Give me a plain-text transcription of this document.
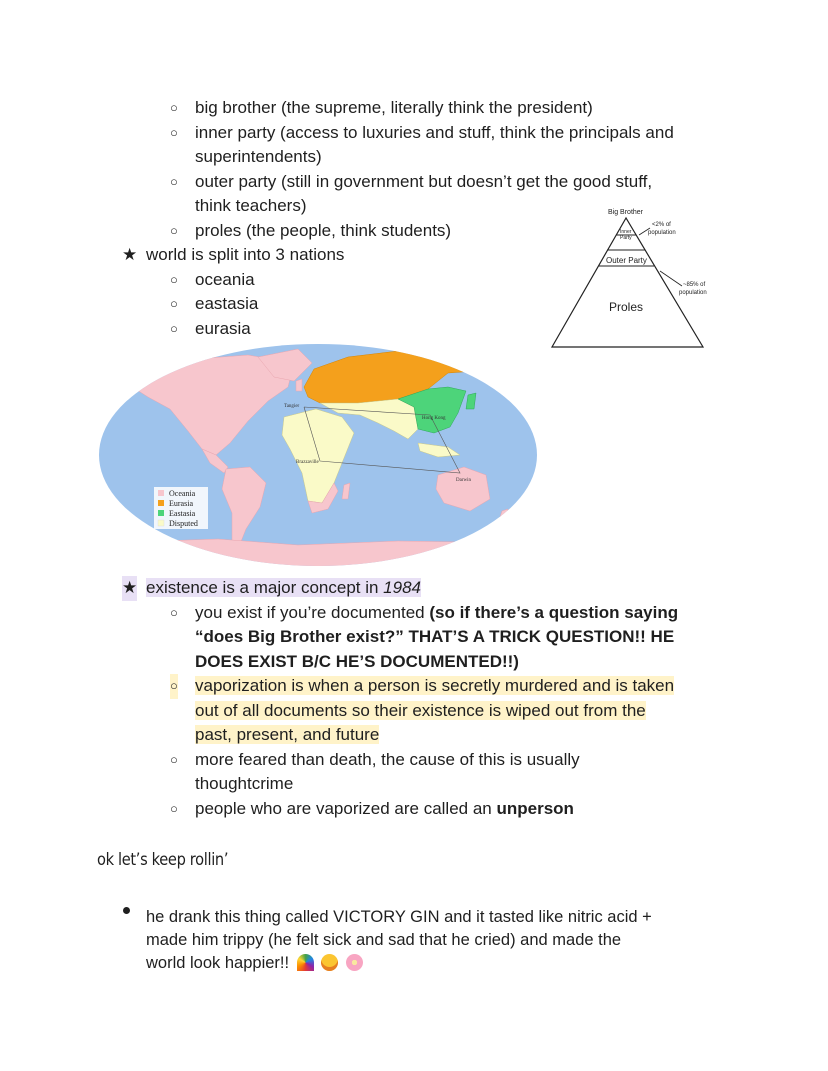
○ big brother (the supreme, literally think the president)
○ inner party (access to luxuries and stuff, think the principals and
superintendents)
○ outer party (still in government but doesn’t get the good stuff,
think teachers)
○ proles (the people, think students)
★ world is split into 3 nations
○ oceania
○ eastasia
○ eurasia
Big Brother
Inner
Party
Outer Party
Proles
<2% of
population
~85% of
population
Tangier
Hong Kong
Brazzaville
Darwin
Oceania
Eurasia
Eastasia
Disputed
★ existence is a major concept in 1984
○ you exist if you’re documented (so if there’s a question saying
“does Big Brother exist?” THAT’S A TRICK QUESTION!! HE
DOES EXIST B/C HE’S DOCUMENTED!!)
○ vaporization is when a person is secretly murdered and is taken
out of all documents so their existence is wiped out from the
past, present, and future
○ more feared than death, the cause of this is usually
thoughtcrime
○ people who are vaporized are called an unperson
ok let’s keep rollin’
he drank this thing called VICTORY GIN and it tasted like nitric acid +
made him trippy (he felt sick and sad that he cried) and made the
world look happier!!
